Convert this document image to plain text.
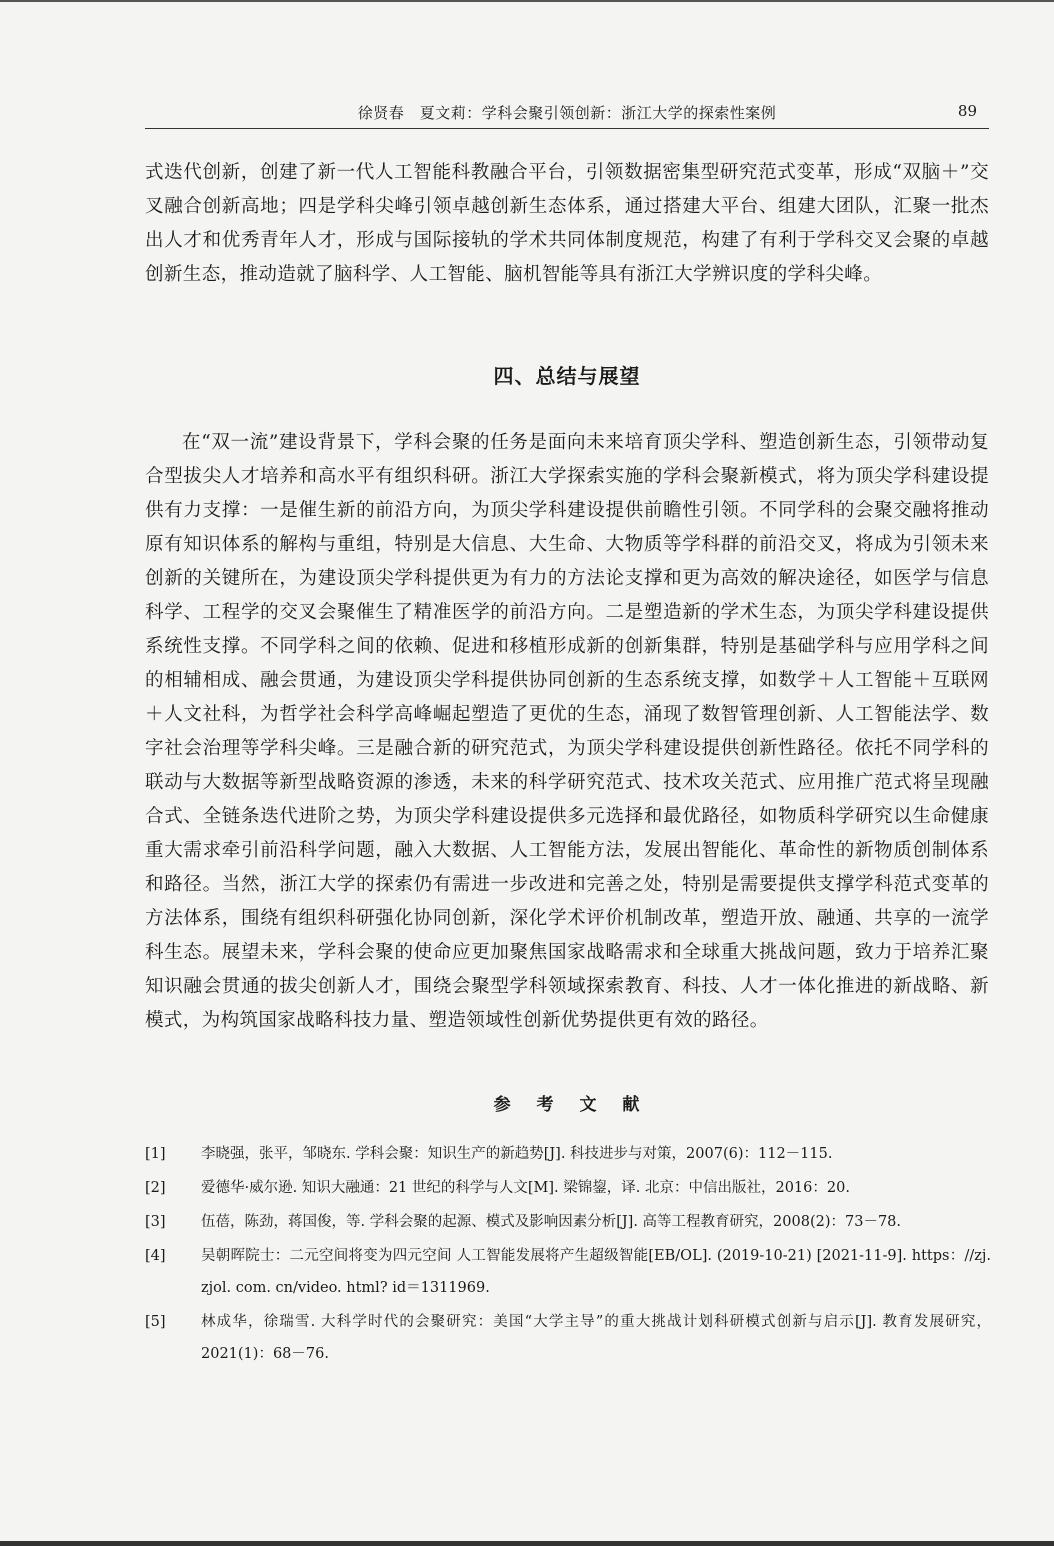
徐贤春　夏文莉：学科会聚引领创新：浙江大学的探索性案例	89

式迭代创新，创建了新一代人工智能科教融合平台，引领数据密集型研究范式变革，形成“双脑＋”交叉融合创新高地；四是学科尖峰引领卓越创新生态体系，通过搭建大平台、组建大团队，汇聚一批杰出人才和优秀青年人才，形成与国际接轨的学术共同体制度规范，构建了有利于学科交叉会聚的卓越创新生态，推动造就了脑科学、人工智能、脑机智能等具有浙江大学辨识度的学科尖峰。

四、总结与展望

在“双一流”建设背景下，学科会聚的任务是面向未来培育顶尖学科、塑造创新生态，引领带动复合型拔尖人才培养和高水平有组织科研。浙江大学探索实施的学科会聚新模式，将为顶尖学科建设提供有力支撑：一是催生新的前沿方向，为顶尖学科建设提供前瞻性引领。不同学科的会聚交融将推动原有知识体系的解构与重组，特别是大信息、大生命、大物质等学科群的前沿交叉，将成为引领未来创新的关键所在，为建设顶尖学科提供更为有力的方法论支撑和更为高效的解决途径，如医学与信息科学、工程学的交叉会聚催生了精准医学的前沿方向。二是塑造新的学术生态，为顶尖学科建设提供系统性支撑。不同学科之间的依赖、促进和移植形成新的创新集群，特别是基础学科与应用学科之间的相辅相成、融会贯通，为建设顶尖学科提供协同创新的生态系统支撑，如数学＋人工智能＋互联网＋人文社科，为哲学社会科学高峰崛起塑造了更优的生态，涌现了数智管理创新、人工智能法学、数字社会治理等学科尖峰。三是融合新的研究范式，为顶尖学科建设提供创新性路径。依托不同学科的联动与大数据等新型战略资源的渗透，未来的科学研究范式、技术攻关范式、应用推广范式将呈现融合式、全链条迭代进阶之势，为顶尖学科建设提供多元选择和最优路径，如物质科学研究以生命健康重大需求牵引前沿科学问题，融入大数据、人工智能方法，发展出智能化、革命性的新物质创制体系和路径。当然，浙江大学的探索仍有需进一步改进和完善之处，特别是需要提供支撑学科范式变革的方法体系，围绕有组织科研强化协同创新，深化学术评价机制改革，塑造开放、融通、共享的一流学科生态。展望未来，学科会聚的使命应更加聚焦国家战略需求和全球重大挑战问题，致力于培养汇聚知识融会贯通的拔尖创新人才，围绕会聚型学科领域探索教育、科技、人才一体化推进的新战略、新模式，为构筑国家战略科技力量、塑造领域性创新优势提供更有效的路径。

参 考 文 献
[1]	李晓强，张平，邹晓东. 学科会聚：知识生产的新趋势[J]. 科技进步与对策，2007(6)：112－115.
[2]	爱德华·威尔逊. 知识大融通：21 世纪的科学与人文[M]. 梁锦鋆，译. 北京：中信出版社，2016：20.
[3]	伍蓓，陈劲，蒋国俊，等. 学科会聚的起源、模式及影响因素分析[J]. 高等工程教育研究，2008(2)：73－78.
[4]	吴朝晖院士：二元空间将变为四元空间 人工智能发展将产生超级智能[EB/OL]. (2019-10-21) [2021-11-9]. https：//zj. zjol. com. cn/video. html? id＝1311969.
[5]	林成华，徐瑞雪. 大科学时代的会聚研究：美国“大学主导”的重大挑战计划科研模式创新与启示[J]. 教育发展研究，2021(1)：68－76.
